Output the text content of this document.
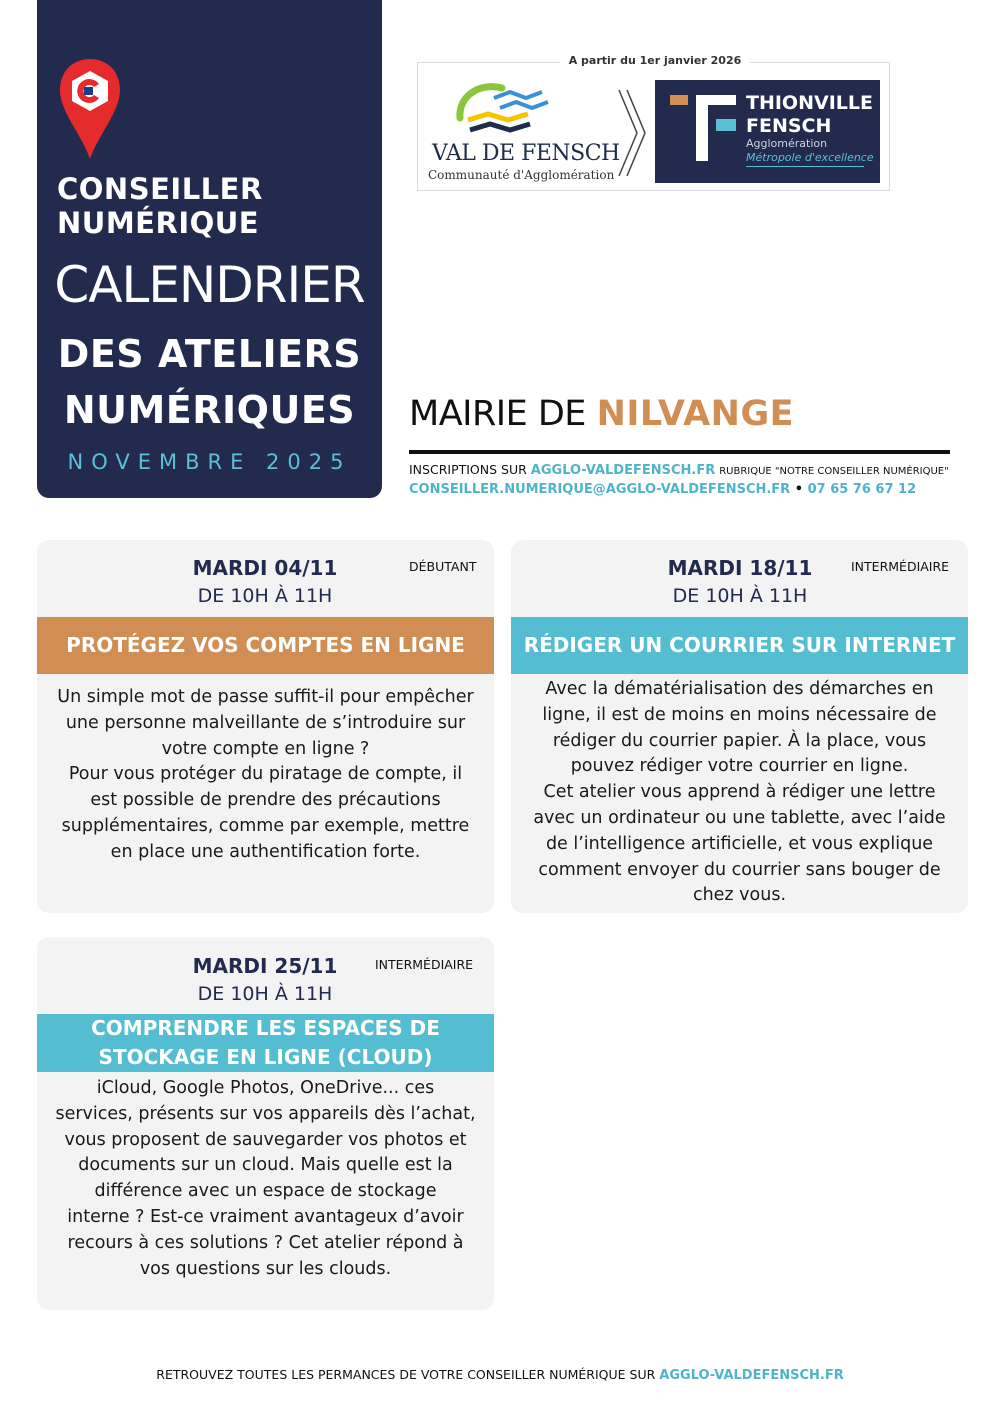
CONSEILLER NUMÉRIQUE
CALENDRIER
DES ATELIERS
NUMÉRIQUES
NOVEMBRE 2025
A partir du 1er janvier 2026
VAL DE FENSCH
Communauté d'Agglomération
THIONVILLE
FENSCH
Agglomération
Métropole d'excellence
MAIRIE DE NILVANGE
INSCRIPTIONS SUR AGGLO-VALDEFENSCH.FR RUBRIQUE "NOTRE CONSEILLER NUMÉRIQUE"
CONSEILLER.NUMERIQUE@AGGLO-VALDEFENSCH.FR • 07 65 76 67 12
MARDI 04/11
DE 10H À 11H
DÉBUTANT
PROTÉGEZ VOS COMPTES EN LIGNE
Un simple mot de passe suffit-il pour empêcher
une personne malveillante de s’introduire sur
votre compte en ligne ?
Pour vous protéger du piratage de compte, il
est possible de prendre des précautions
supplémentaires, comme par exemple, mettre
en place une authentification forte.
MARDI 18/11
DE 10H À 11H
INTERMÉDIAIRE
RÉDIGER UN COURRIER SUR INTERNET
Avec la dématérialisation des démarches en
ligne, il est de moins en moins nécessaire de
rédiger du courrier papier. À la place, vous
pouvez rédiger votre courrier en ligne.
Cet atelier vous apprend à rédiger une lettre
avec un ordinateur ou une tablette, avec l’aide
de l’intelligence artificielle, et vous explique
comment envoyer du courrier sans bouger de
chez vous.
MARDI 25/11
DE 10H À 11H
INTERMÉDIAIRE
COMPRENDRE LES ESPACES DE
STOCKAGE EN LIGNE (CLOUD)
iCloud, Google Photos, OneDrive... ces
services, présents sur vos appareils dès l’achat,
vous proposent de sauvegarder vos photos et
documents sur un cloud. Mais quelle est la
différence avec un espace de stockage
interne ? Est-ce vraiment avantageux d’avoir
recours à ces solutions ? Cet atelier répond à
vos questions sur les clouds.
RETROUVEZ TOUTES LES PERMANCES DE VOTRE CONSEILLER NUMÉRIQUE SUR AGGLO-VALDEFENSCH.FR
